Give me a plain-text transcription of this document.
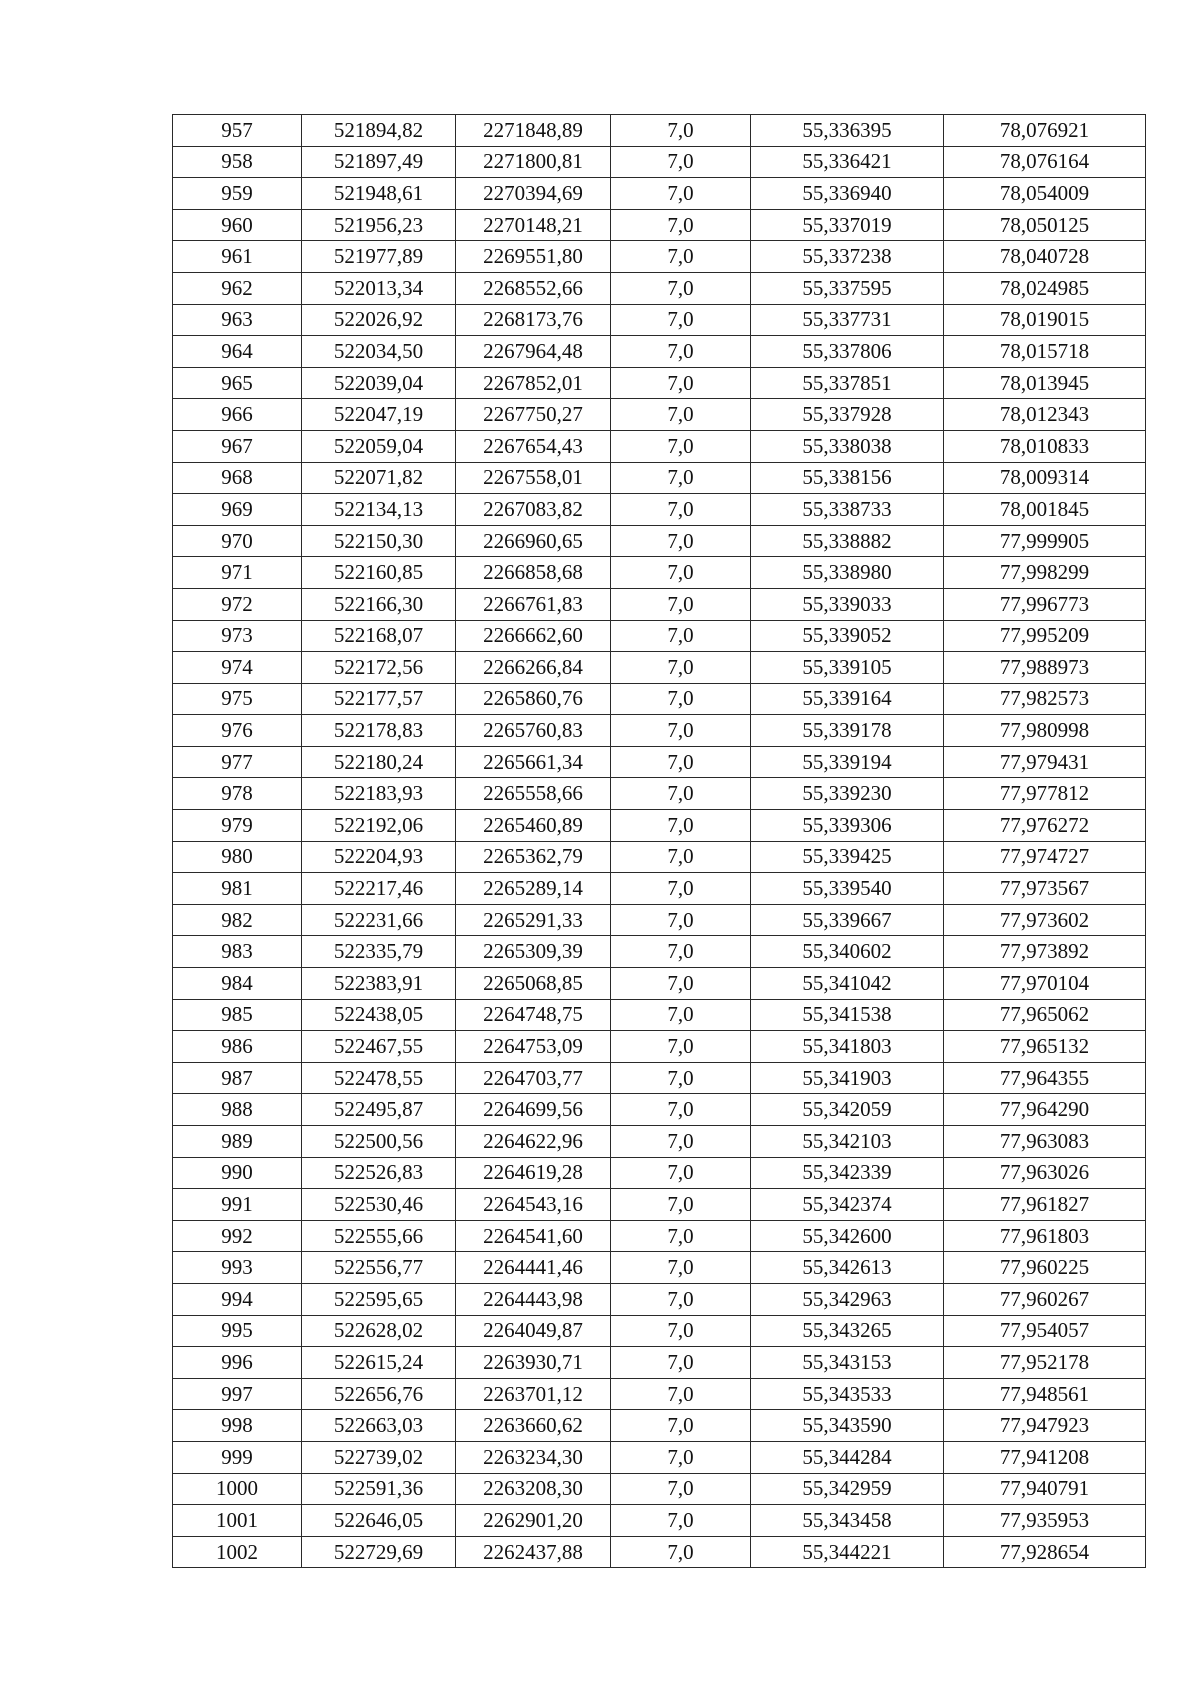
957	521894,82	2271848,89	7,0	55,336395	78,076921
958	521897,49	2271800,81	7,0	55,336421	78,076164
959	521948,61	2270394,69	7,0	55,336940	78,054009
960	521956,23	2270148,21	7,0	55,337019	78,050125
961	521977,89	2269551,80	7,0	55,337238	78,040728
962	522013,34	2268552,66	7,0	55,337595	78,024985
963	522026,92	2268173,76	7,0	55,337731	78,019015
964	522034,50	2267964,48	7,0	55,337806	78,015718
965	522039,04	2267852,01	7,0	55,337851	78,013945
966	522047,19	2267750,27	7,0	55,337928	78,012343
967	522059,04	2267654,43	7,0	55,338038	78,010833
968	522071,82	2267558,01	7,0	55,338156	78,009314
969	522134,13	2267083,82	7,0	55,338733	78,001845
970	522150,30	2266960,65	7,0	55,338882	77,999905
971	522160,85	2266858,68	7,0	55,338980	77,998299
972	522166,30	2266761,83	7,0	55,339033	77,996773
973	522168,07	2266662,60	7,0	55,339052	77,995209
974	522172,56	2266266,84	7,0	55,339105	77,988973
975	522177,57	2265860,76	7,0	55,339164	77,982573
976	522178,83	2265760,83	7,0	55,339178	77,980998
977	522180,24	2265661,34	7,0	55,339194	77,979431
978	522183,93	2265558,66	7,0	55,339230	77,977812
979	522192,06	2265460,89	7,0	55,339306	77,976272
980	522204,93	2265362,79	7,0	55,339425	77,974727
981	522217,46	2265289,14	7,0	55,339540	77,973567
982	522231,66	2265291,33	7,0	55,339667	77,973602
983	522335,79	2265309,39	7,0	55,340602	77,973892
984	522383,91	2265068,85	7,0	55,341042	77,970104
985	522438,05	2264748,75	7,0	55,341538	77,965062
986	522467,55	2264753,09	7,0	55,341803	77,965132
987	522478,55	2264703,77	7,0	55,341903	77,964355
988	522495,87	2264699,56	7,0	55,342059	77,964290
989	522500,56	2264622,96	7,0	55,342103	77,963083
990	522526,83	2264619,28	7,0	55,342339	77,963026
991	522530,46	2264543,16	7,0	55,342374	77,961827
992	522555,66	2264541,60	7,0	55,342600	77,961803
993	522556,77	2264441,46	7,0	55,342613	77,960225
994	522595,65	2264443,98	7,0	55,342963	77,960267
995	522628,02	2264049,87	7,0	55,343265	77,954057
996	522615,24	2263930,71	7,0	55,343153	77,952178
997	522656,76	2263701,12	7,0	55,343533	77,948561
998	522663,03	2263660,62	7,0	55,343590	77,947923
999	522739,02	2263234,30	7,0	55,344284	77,941208
1000	522591,36	2263208,30	7,0	55,342959	77,940791
1001	522646,05	2262901,20	7,0	55,343458	77,935953
1002	522729,69	2262437,88	7,0	55,344221	77,928654
